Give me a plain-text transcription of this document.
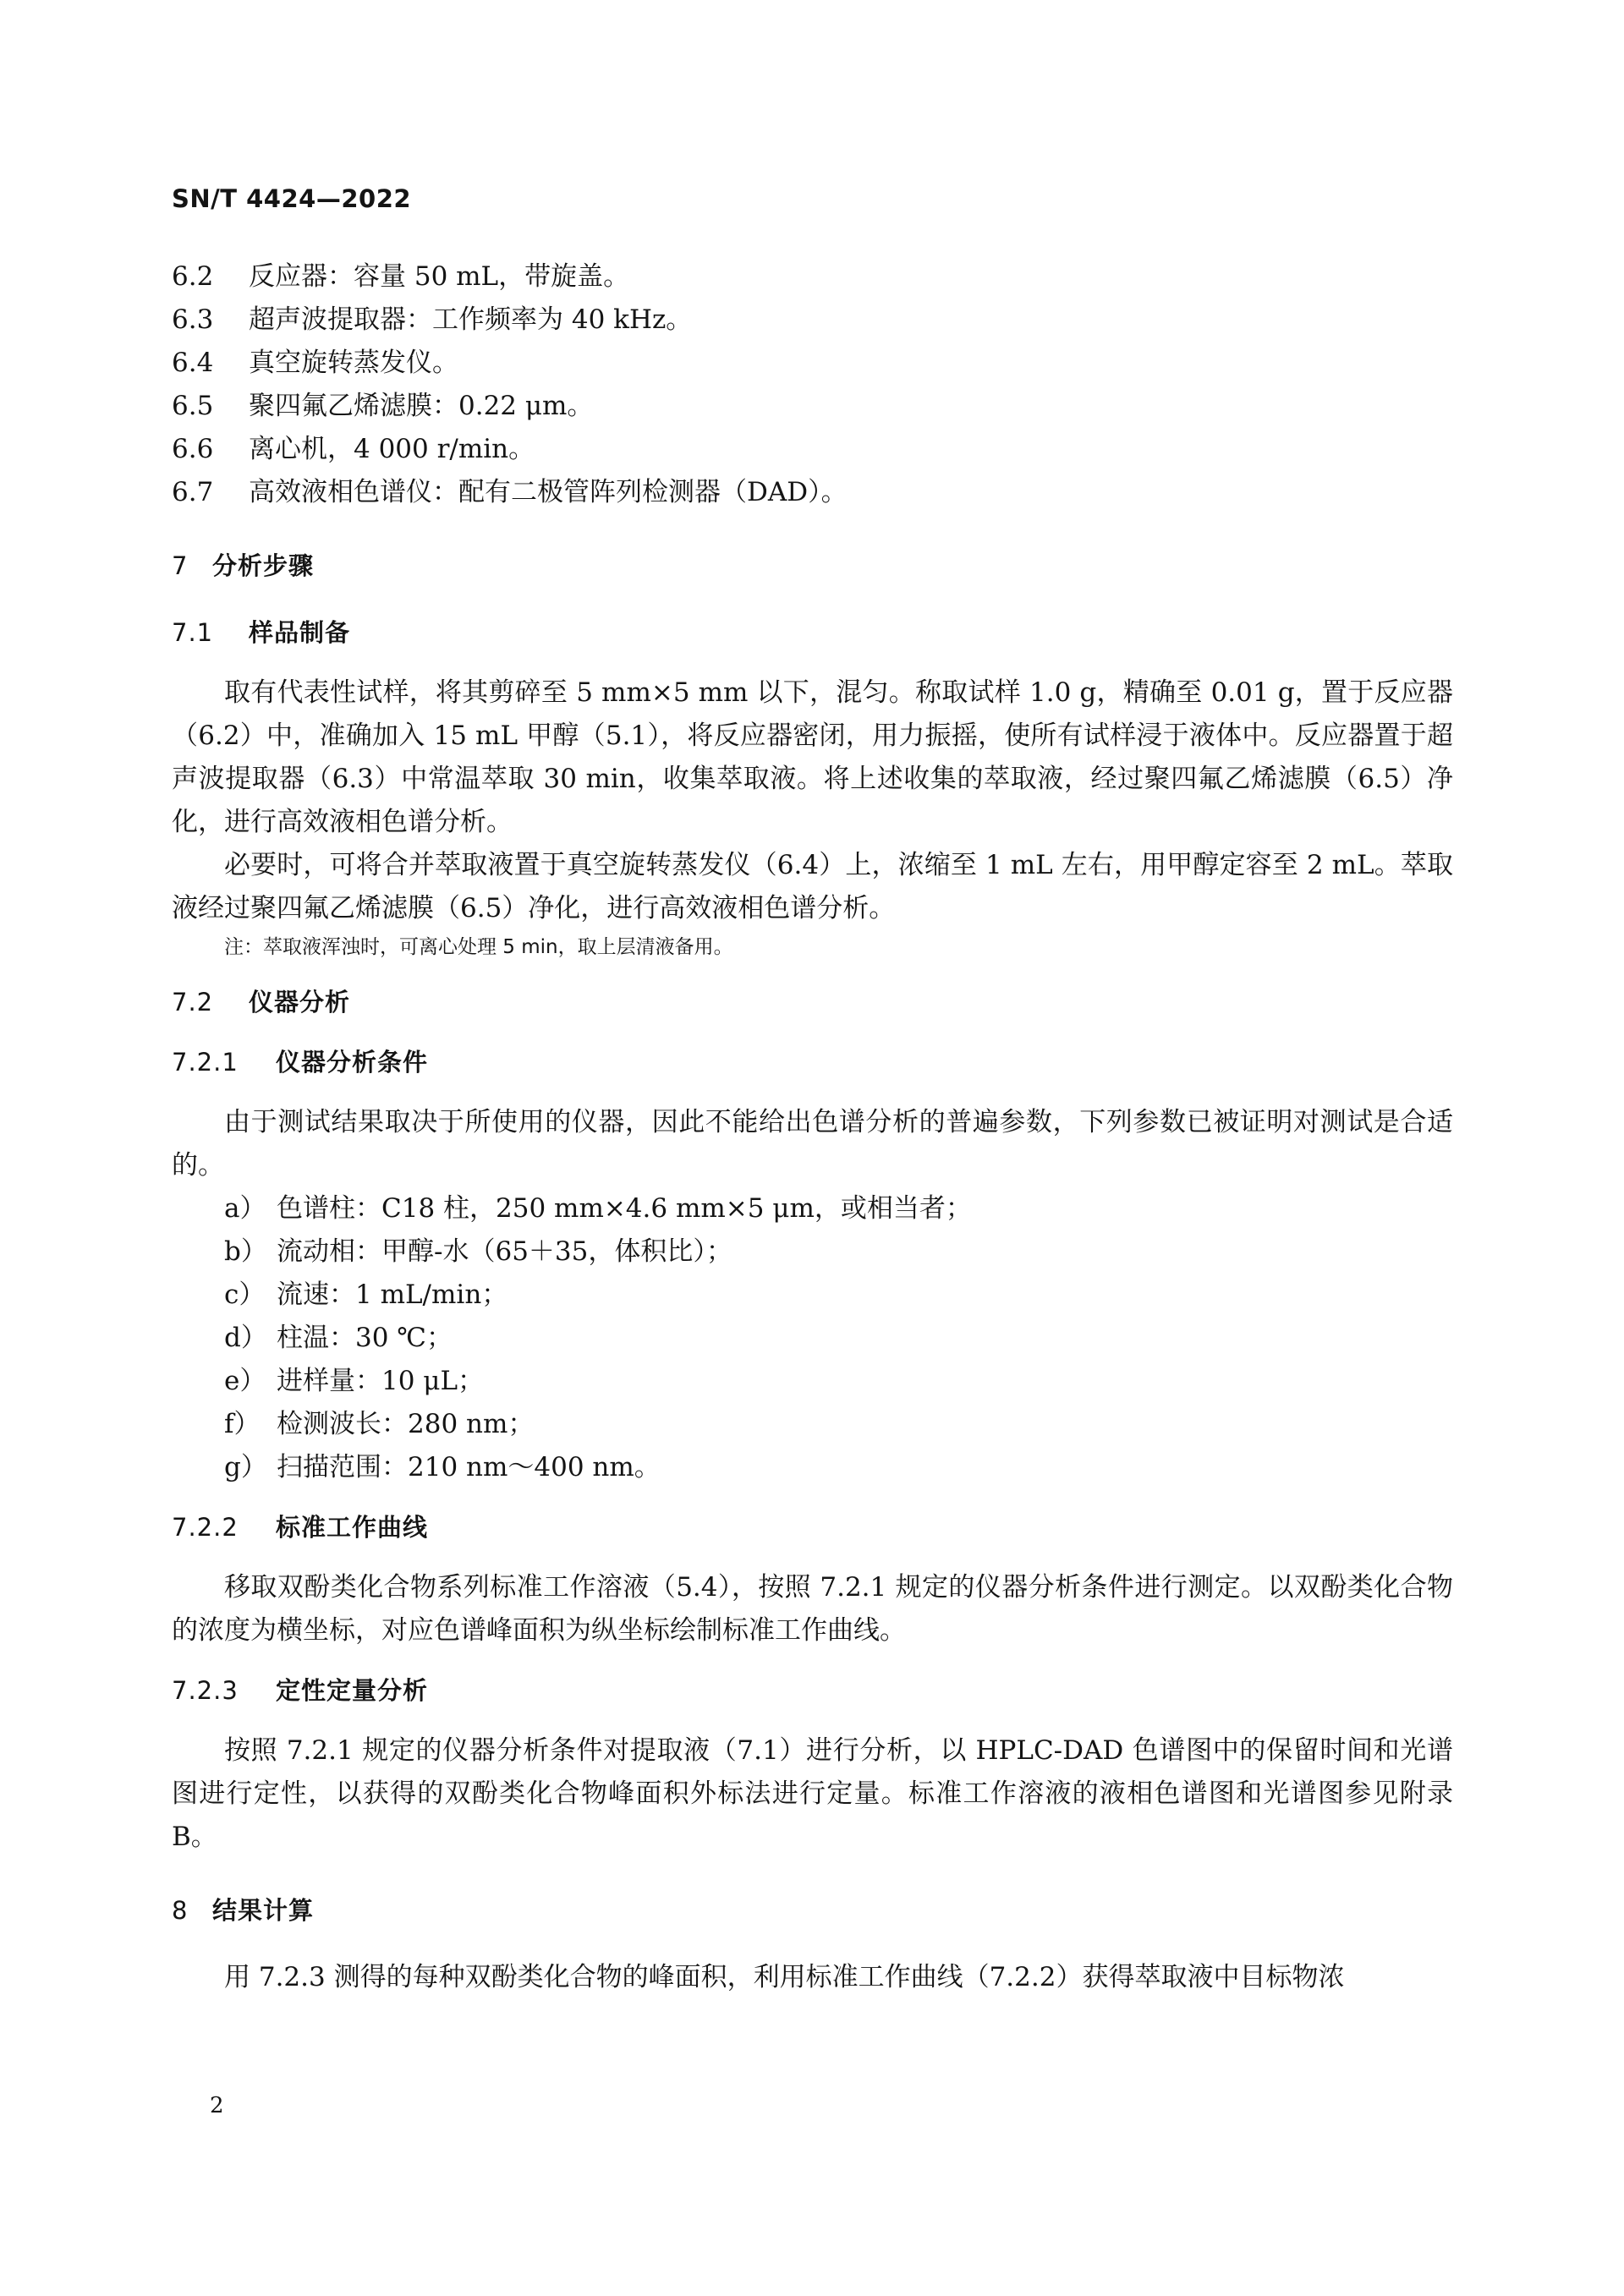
SN/T 4424—2022
6.2	反应器：容量 50 mL，带旋盖。
6.3	超声波提取器：工作频率为 40 kHz。
6.4	真空旋转蒸发仪。
6.5	聚四氟乙烯滤膜：0.22 μm。
6.6	离心机，4 000 r/min。
6.7	高效液相色谱仪：配有二极管阵列检测器（DAD）。
7 分析步骤
7.1	样品制备
取有代表性试样，将其剪碎至 5 mm×5 mm 以下，混匀。称取试样 1.0 g，精确至 0.01 g，置于反应器（6.2）中，准确加入 15 mL 甲醇（5.1），将反应器密闭，用力振摇，使所有试样浸于液体中。反应器置于超声波提取器（6.3）中常温萃取 30 min，收集萃取液。将上述收集的萃取液，经过聚四氟乙烯滤膜（6.5）净化，进行高效液相色谱分析。
必要时，可将合并萃取液置于真空旋转蒸发仪（6.4）上，浓缩至 1 mL 左右，用甲醇定容至 2 mL。萃取液经过聚四氟乙烯滤膜（6.5）净化，进行高效液相色谱分析。
注：萃取液浑浊时，可离心处理 5 min，取上层清液备用。
7.2	仪器分析
7.2.1	仪器分析条件
由于测试结果取决于所使用的仪器，因此不能给出色谱分析的普遍参数，下列参数已被证明对测试是合适的。
a） 色谱柱：C18 柱，250 mm×4.6 mm×5 μm，或相当者；
b） 流动相：甲醇-水（65＋35，体积比）；
c） 流速：1 mL/min；
d） 柱温：30 ℃；
e） 进样量：10 μL；
f） 检测波长：280 nm；
g） 扫描范围：210 nm～400 nm。
7.2.2	标准工作曲线
移取双酚类化合物系列标准工作溶液（5.4），按照 7.2.1 规定的仪器分析条件进行测定。以双酚类化合物的浓度为横坐标，对应色谱峰面积为纵坐标绘制标准工作曲线。
7.2.3	定性定量分析
按照 7.2.1 规定的仪器分析条件对提取液（7.1）进行分析，以 HPLC-DAD 色谱图中的保留时间和光谱图进行定性，以获得的双酚类化合物峰面积外标法进行定量。标准工作溶液的液相色谱图和光谱图参见附录 B。
8 结果计算
用 7.2.3 测得的每种双酚类化合物的峰面积，利用标准工作曲线（7.2.2）获得萃取液中目标物浓
2
